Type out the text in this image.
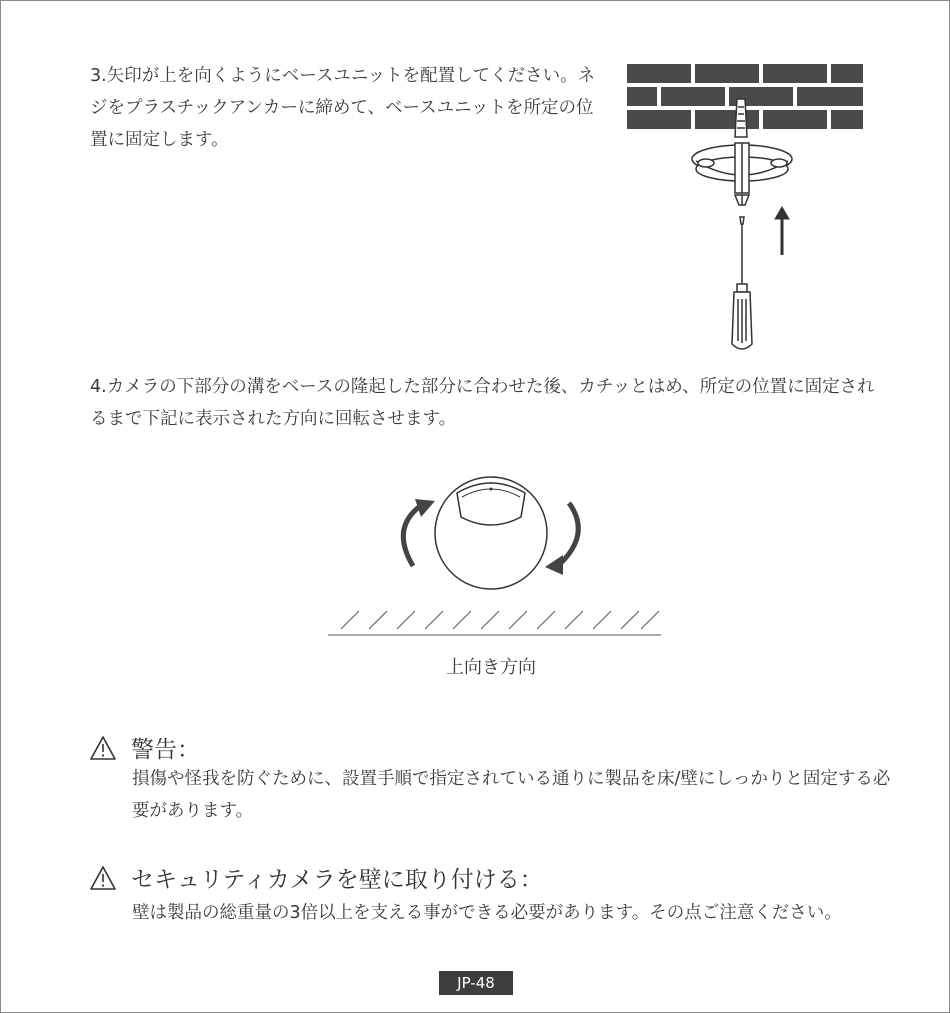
3.矢印が上を向くようにベースユニットを配置してください。ネジをプラスチックアンカーに締めて、ベースユニットを所定の位置に固定します。
4.カメラの下部分の溝をベースの隆起した部分に合わせた後、カチッとはめ、所定の位置に固定されるまで下記に表示された方向に回転させます。
上向き方向
警告：
損傷や怪我を防ぐために、設置手順で指定されている通りに製品を床/壁にしっかりと固定する必要があります。
セキュリティカメラを壁に取り付ける：
壁は製品の総重量の3倍以上を支える事ができる必要があります。その点ご注意ください。
JP-48
